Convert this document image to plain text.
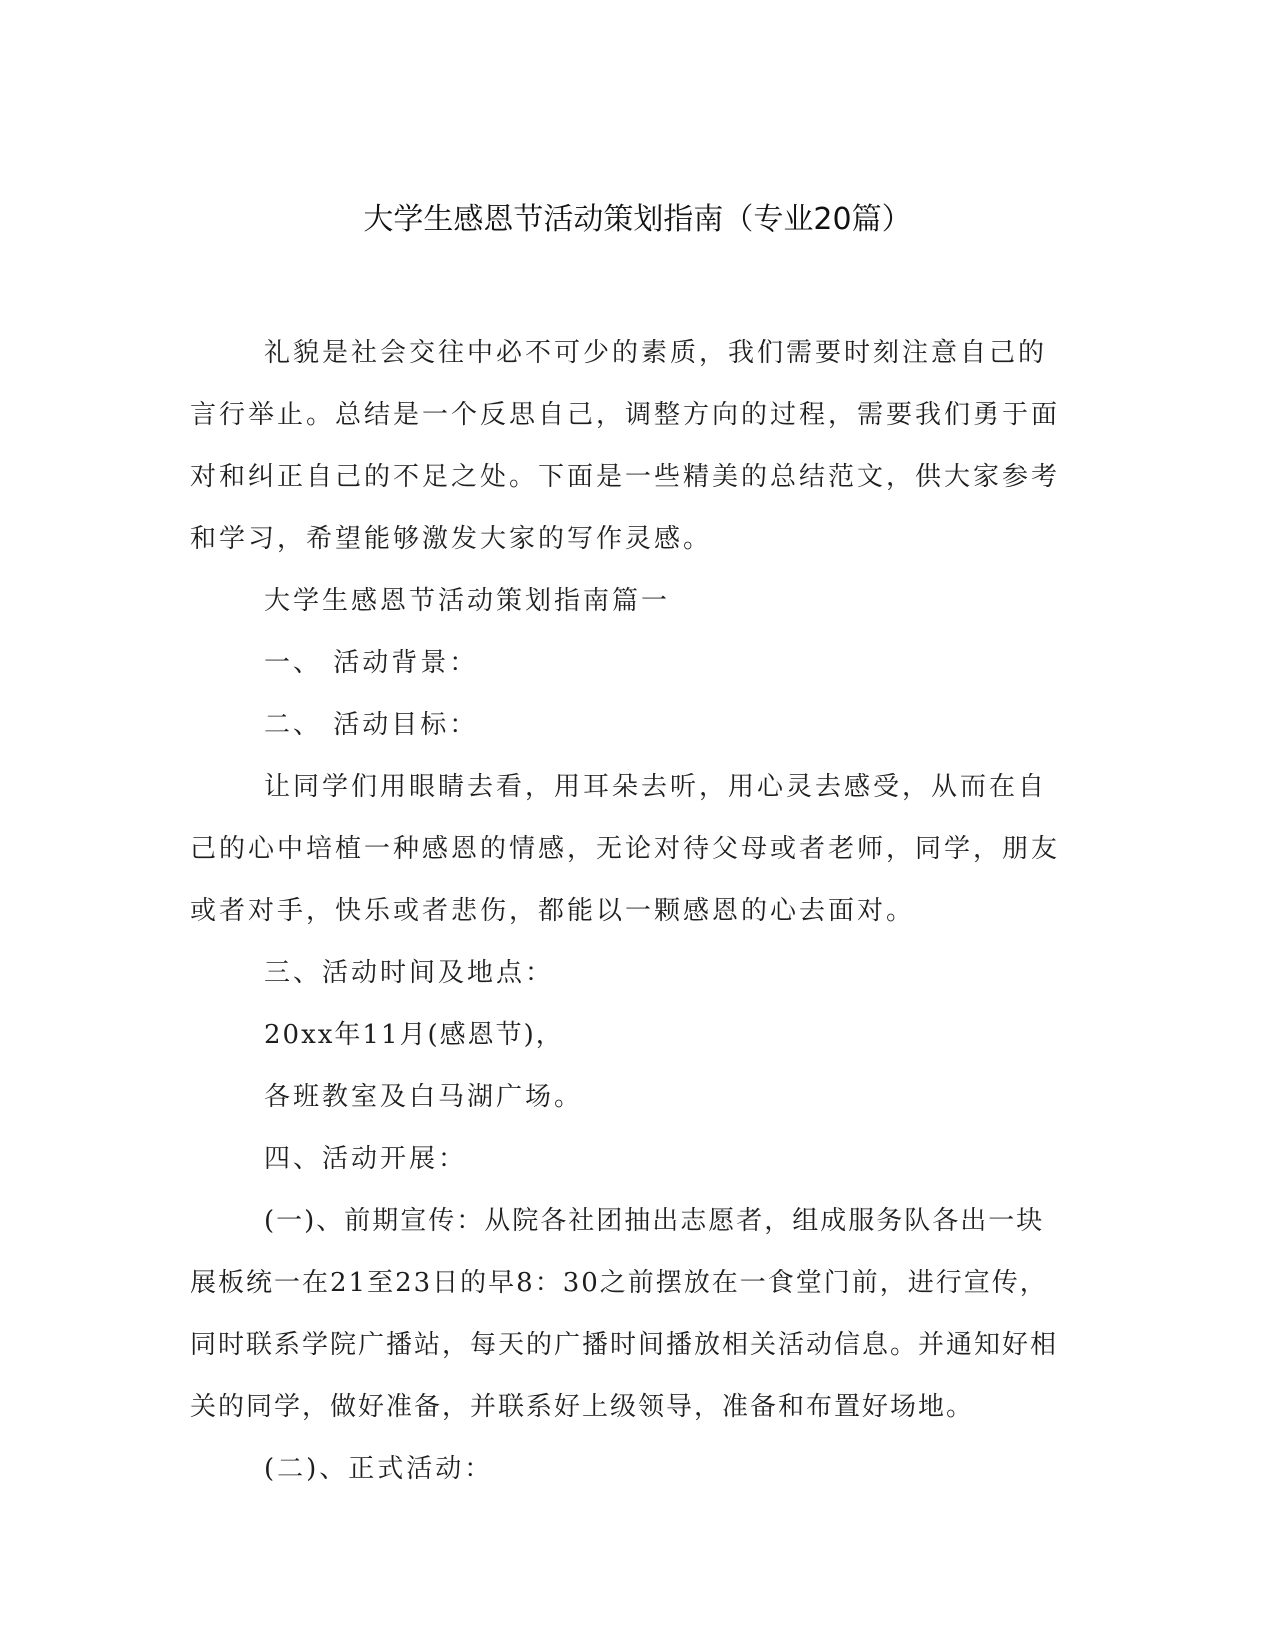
大学生感恩节活动策划指南（专业20篇）

礼貌是社会交往中必不可少的素质，我们需要时刻注意自己的言行举止。总结是一个反思自己，调整方向的过程，需要我们勇于面对和纠正自己的不足之处。下面是一些精美的总结范文，供大家参考和学习，希望能够激发大家的写作灵感。

大学生感恩节活动策划指南篇一

一、 活动背景：

二、 活动目标：

让同学们用眼睛去看，用耳朵去听，用心灵去感受，从而在自己的心中培植一种感恩的情感，无论对待父母或者老师，同学，朋友或者对手，快乐或者悲伤，都能以一颗感恩的心去面对。

三、活动时间及地点：

20xx年11月(感恩节)，

各班教室及白马湖广场。

四、活动开展：

(一)、前期宣传：从院各社团抽出志愿者，组成服务队各出一块展板统一在21至23日的早8：30之前摆放在一食堂门前，进行宣传，同时联系学院广播站，每天的广播时间播放相关活动信息。并通知好相关的同学，做好准备，并联系好上级领导，准备和布置好场地。

(二)、正式活动：
